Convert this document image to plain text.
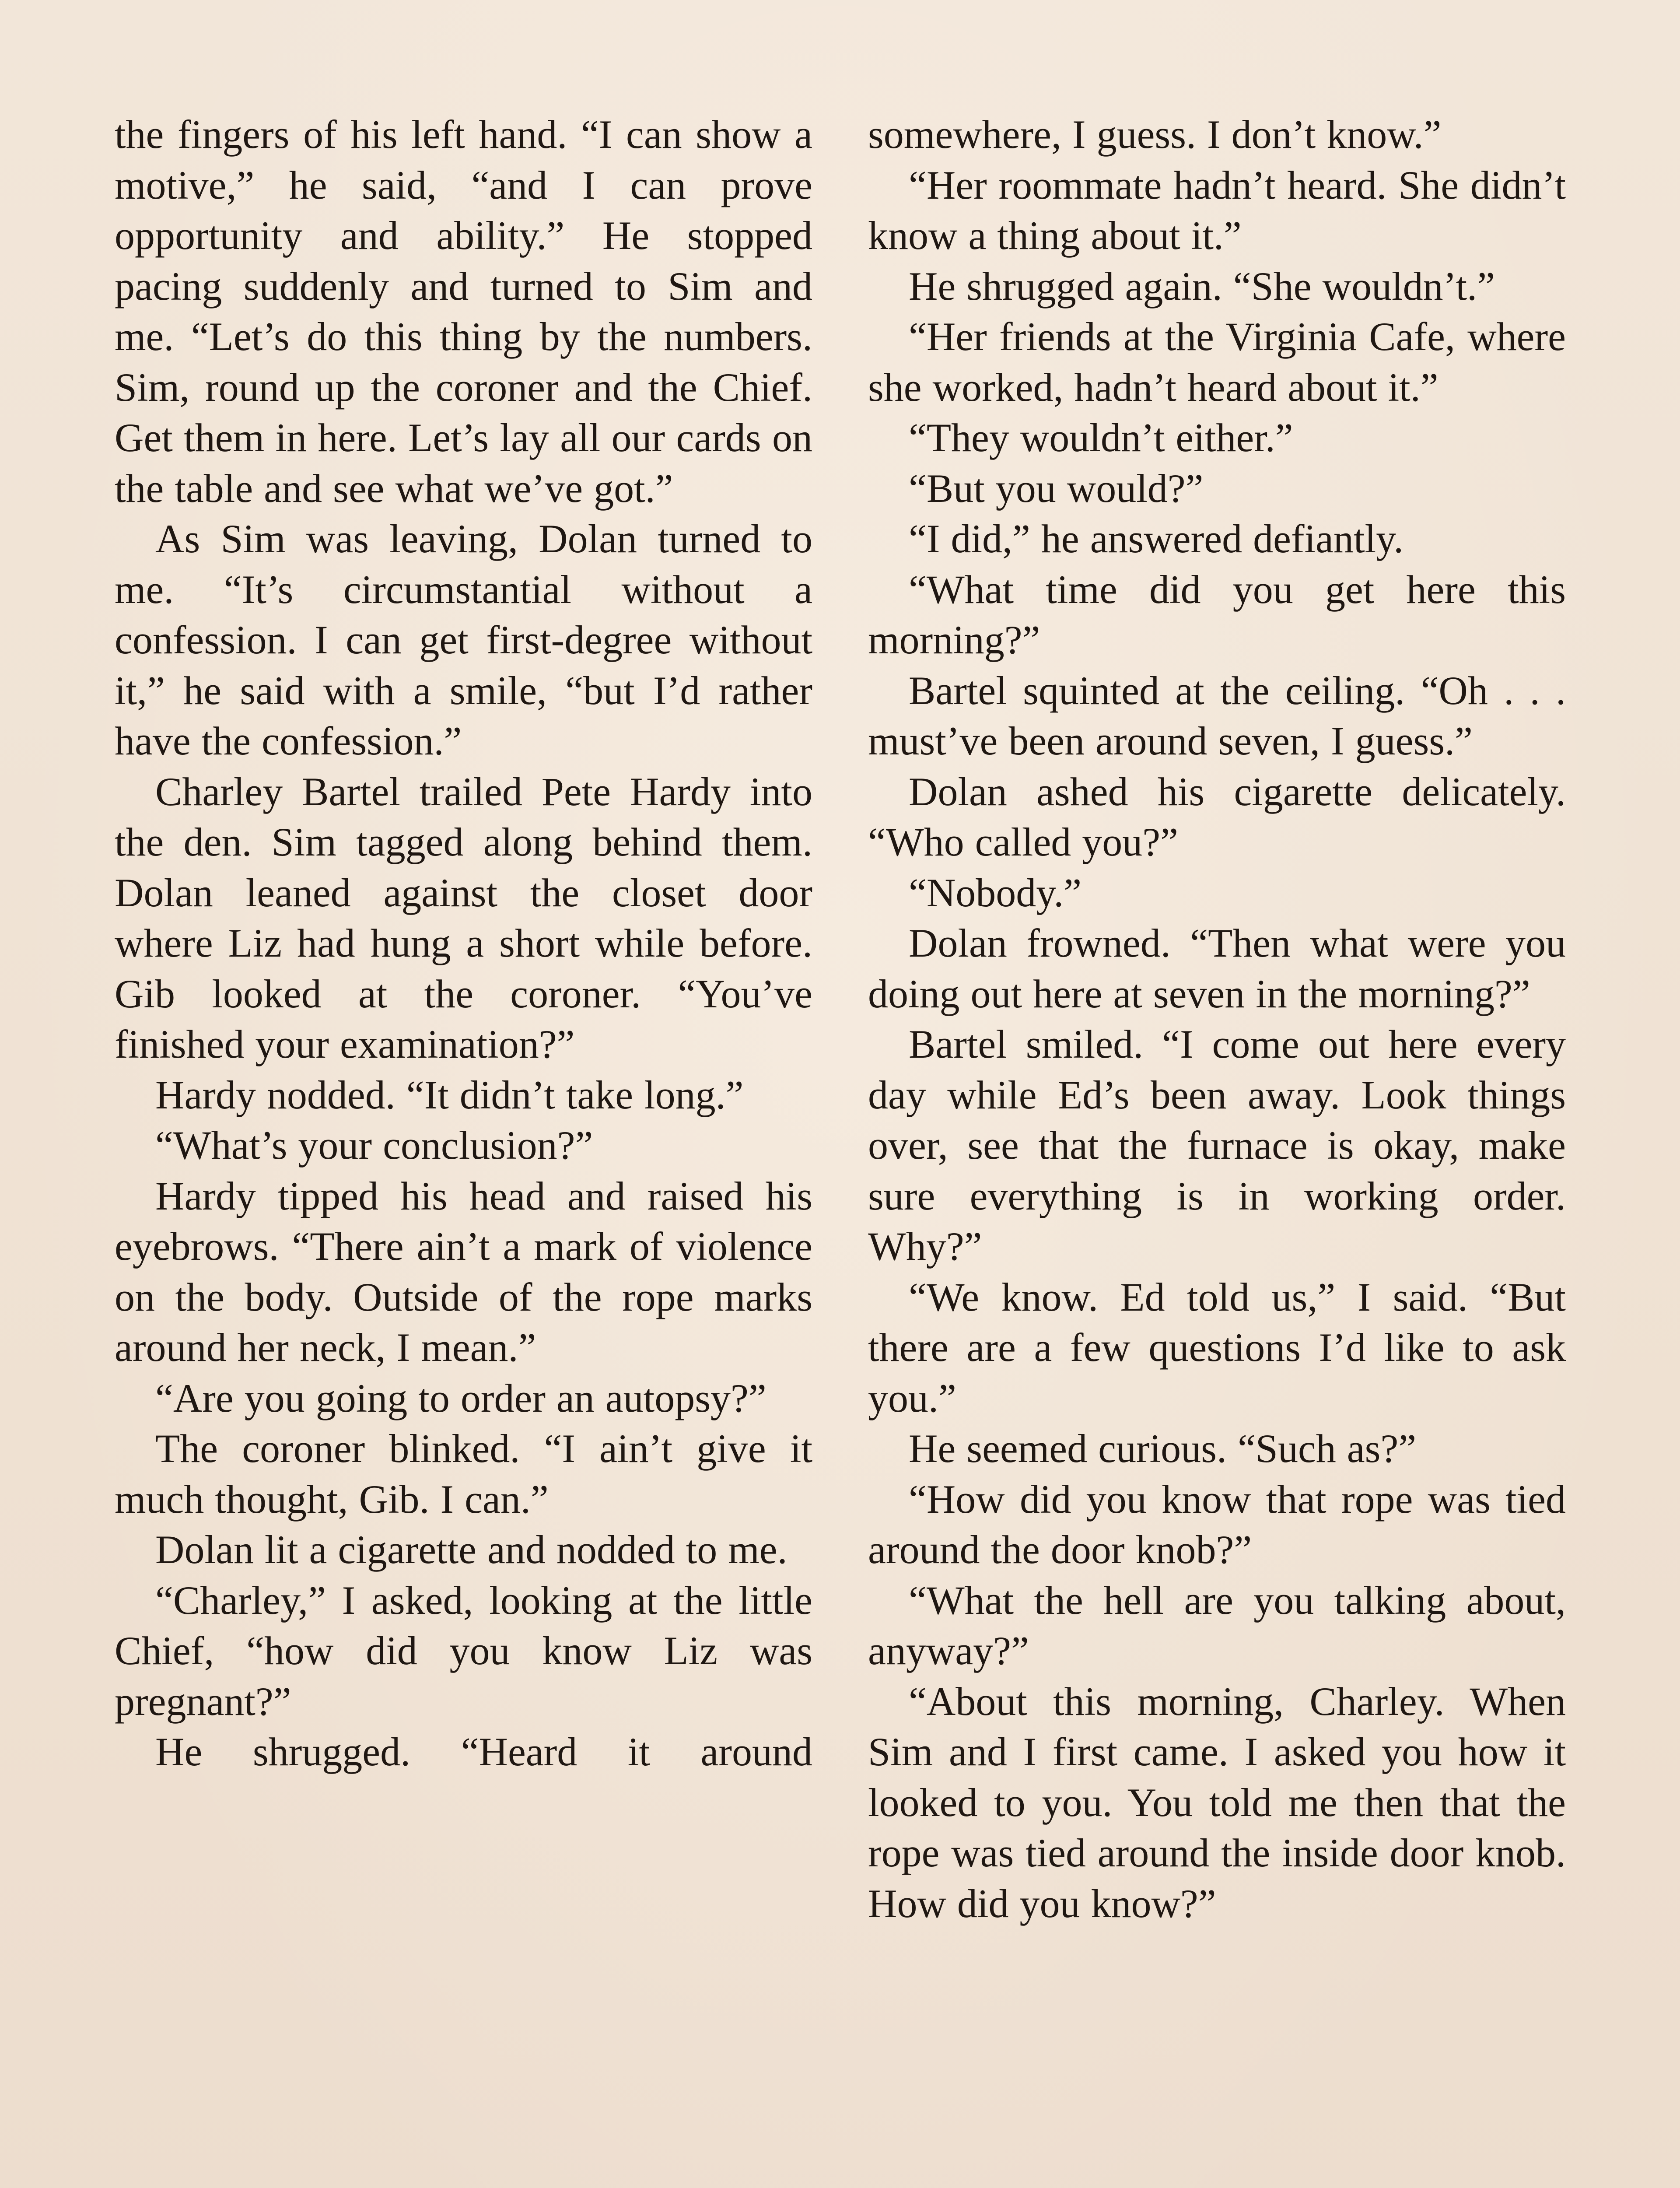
the fingers of his left hand. “I can show a motive,” he said, “and I can prove opportunity and ability.” He stopped pacing suddenly and turned to Sim and me. “Let’s do this thing by the numbers. Sim, round up the coroner and the Chief. Get them in here. Let’s lay all our cards on the table and see what we’ve got.”

As Sim was leaving, Dolan turned to me. “It’s circumstantial without a confession. I can get first-degree without it,” he said with a smile, “but I’d rather have the confession.”

Charley Bartel trailed Pete Hardy into the den. Sim tagged along behind them. Dolan leaned against the closet door where Liz had hung a short while before. Gib looked at the coroner. “You’ve finished your examination?”

Hardy nodded. “It didn’t take long.”

“What’s your conclusion?”

Hardy tipped his head and raised his eyebrows. “There ain’t a mark of violence on the body. Outside of the rope marks around her neck, I mean.”

“Are you going to order an autopsy?”

The coroner blinked. “I ain’t give it much thought, Gib. I can.”

Dolan lit a cigarette and nodded to me.

“Charley,” I asked, looking at the little Chief, “how did you know Liz was pregnant?”

He shrugged. “Heard it around

somewhere, I guess. I don’t know.”

“Her roommate hadn’t heard. She didn’t know a thing about it.”

He shrugged again. “She wouldn’t.”

“Her friends at the Virginia Cafe, where she worked, hadn’t heard about it.”

“They wouldn’t either.”

“But you would?”

“I did,” he answered defiantly.

“What time did you get here this morning?”

Bartel squinted at the ceiling. “Oh . . . must’ve been around seven, I guess.”

Dolan ashed his cigarette delicately. “Who called you?”

“Nobody.”

Dolan frowned. “Then what were you doing out here at seven in the morning?”

Bartel smiled. “I come out here every day while Ed’s been away. Look things over, see that the furnace is okay, make sure everything is in working order. Why?”

“We know. Ed told us,” I said. “But there are a few questions I’d like to ask you.”

He seemed curious. “Such as?”

“How did you know that rope was tied around the door knob?”

“What the hell are you talking about, anyway?”

“About this morning, Charley. When Sim and I first came. I asked you how it looked to you. You told me then that the rope was tied around the inside door knob. How did you know?”
